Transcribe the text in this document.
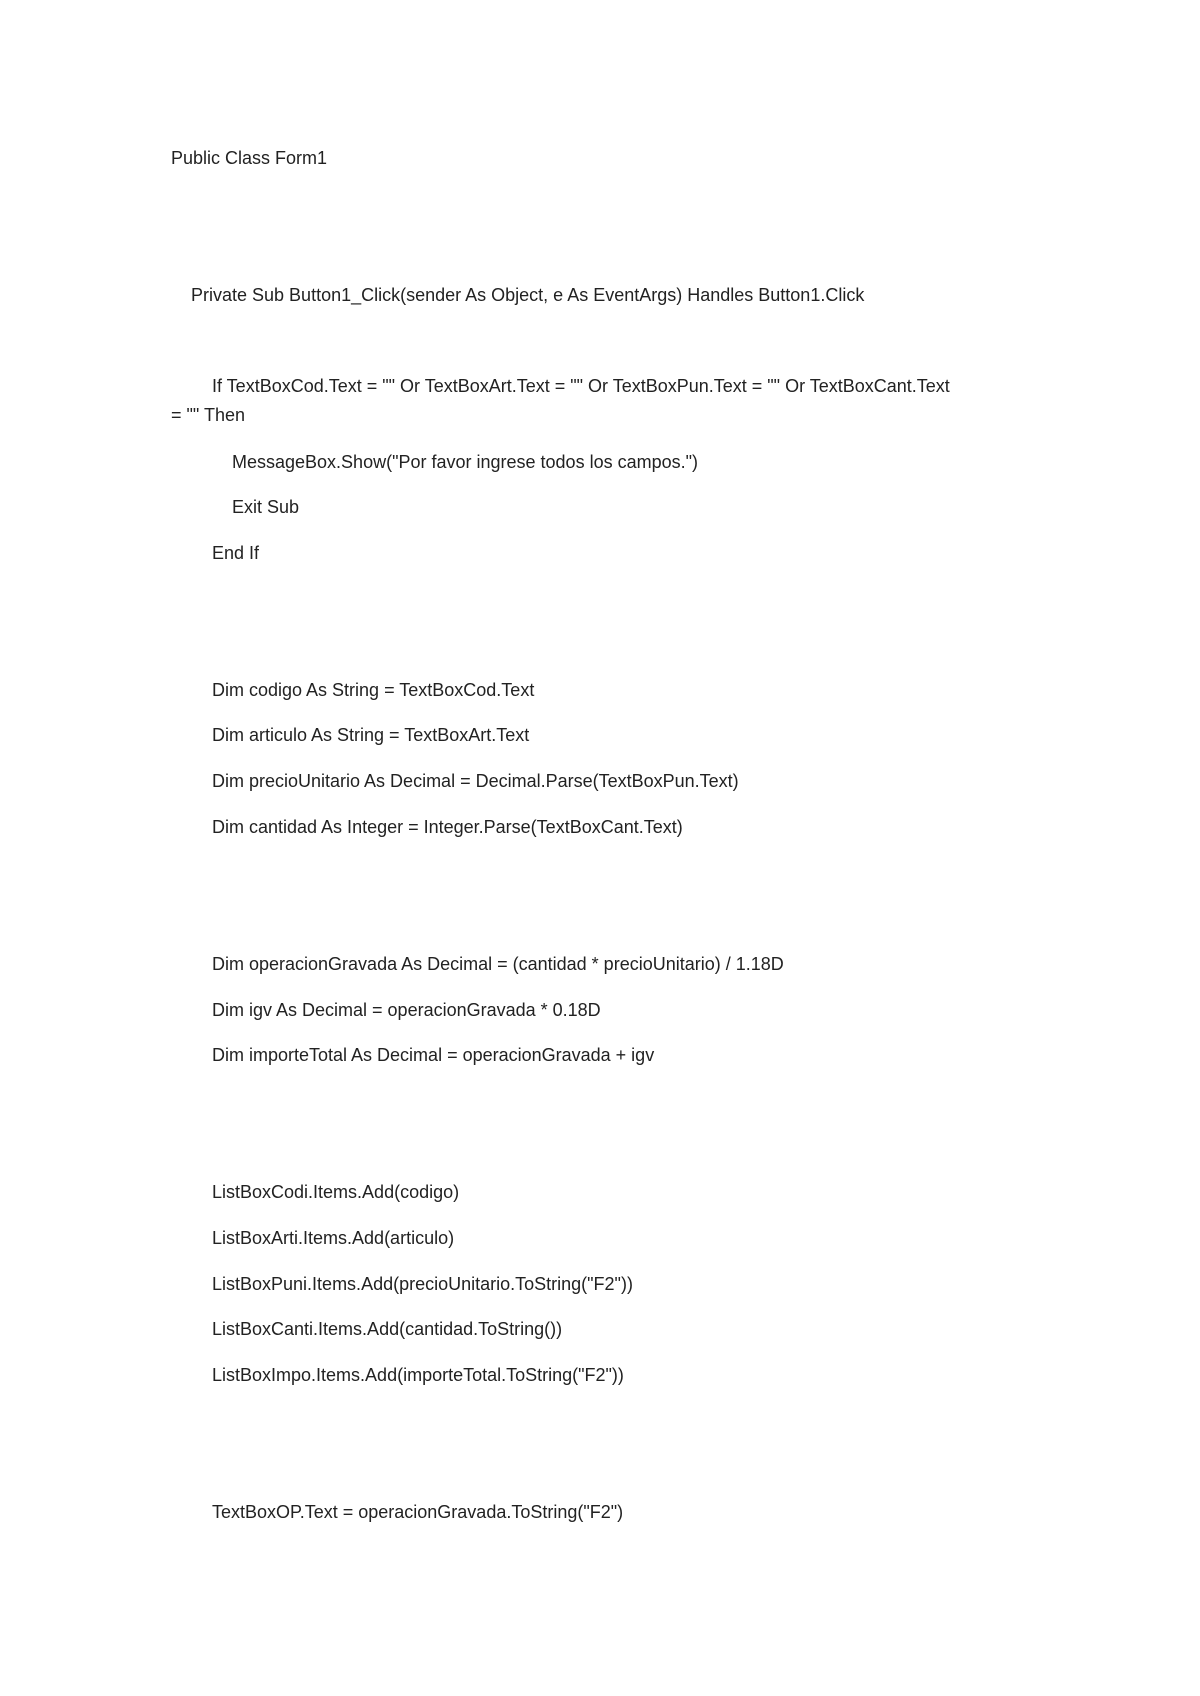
Public Class Form1
Private Sub Button1_Click(sender As Object, e As EventArgs) Handles Button1.Click
If TextBoxCod.Text = "" Or TextBoxArt.Text = "" Or TextBoxPun.Text = "" Or TextBoxCant.Text
= "" Then
MessageBox.Show("Por favor ingrese todos los campos.")
Exit Sub
End If
Dim codigo As String = TextBoxCod.Text
Dim articulo As String = TextBoxArt.Text
Dim precioUnitario As Decimal = Decimal.Parse(TextBoxPun.Text)
Dim cantidad As Integer = Integer.Parse(TextBoxCant.Text)
Dim operacionGravada As Decimal = (cantidad * precioUnitario) / 1.18D
Dim igv As Decimal = operacionGravada * 0.18D
Dim importeTotal As Decimal = operacionGravada + igv
ListBoxCodi.Items.Add(codigo)
ListBoxArti.Items.Add(articulo)
ListBoxPuni.Items.Add(precioUnitario.ToString("F2"))
ListBoxCanti.Items.Add(cantidad.ToString())
ListBoxImpo.Items.Add(importeTotal.ToString("F2"))
TextBoxOP.Text = operacionGravada.ToString("F2")
